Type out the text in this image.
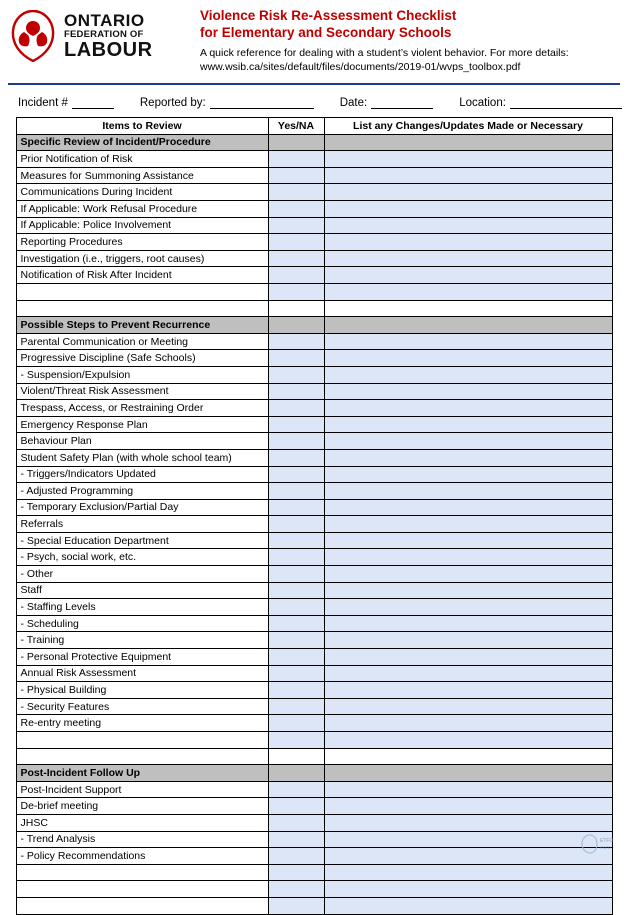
ONTARIO
FEDERATION OF
LABOUR
Violence Risk Re-Assessment Checklist
for Elementary and Secondary Schools
A quick reference for dealing with a student’s violent behavior. For more details:
www.wsib.ca/sites/default/files/documents/2019-01/wvps_toolbox.pdf
Incident #	Reported by:	Date:	Location:
Items to Review	Yes/NA	List any Changes/Updates Made or Necessary
Specific Review of Incident/Procedure		
Prior Notification of Risk		
Measures for Summoning Assistance		
Communications During Incident		
If Applicable: Work Refusal Procedure		
If Applicable: Police Involvement		
Reporting Procedures		
Investigation (i.e., triggers, root causes)		
Notification of Risk After Incident		

Possible Steps to Prevent Recurrence		
Parental Communication or Meeting		
Progressive Discipline (Safe Schools)		
- Suspension/Expulsion		
Violent/Threat Risk Assessment		
Trespass, Access, or Restraining Order		
Emergency Response Plan		
Behaviour Plan		
Student Safety Plan (with whole school team)		
- Triggers/Indicators Updated		
- Adjusted Programming		
- Temporary Exclusion/Partial Day		
Referrals		
- Special Education Department		
- Psych, social work, etc.		
- Other		
Staff		
- Staffing Levels		
- Scheduling		
- Training		
- Personal Protective Equipment		
Annual Risk Assessment		
- Physical Building		
- Security Features		
Re-entry meeting		

Post-Incident Follow Up		
Post-Incident Support		
De-brief meeting		
JHSC		
- Trend Analysis		
- Policy Recommendations		

ETFO
FEEO
